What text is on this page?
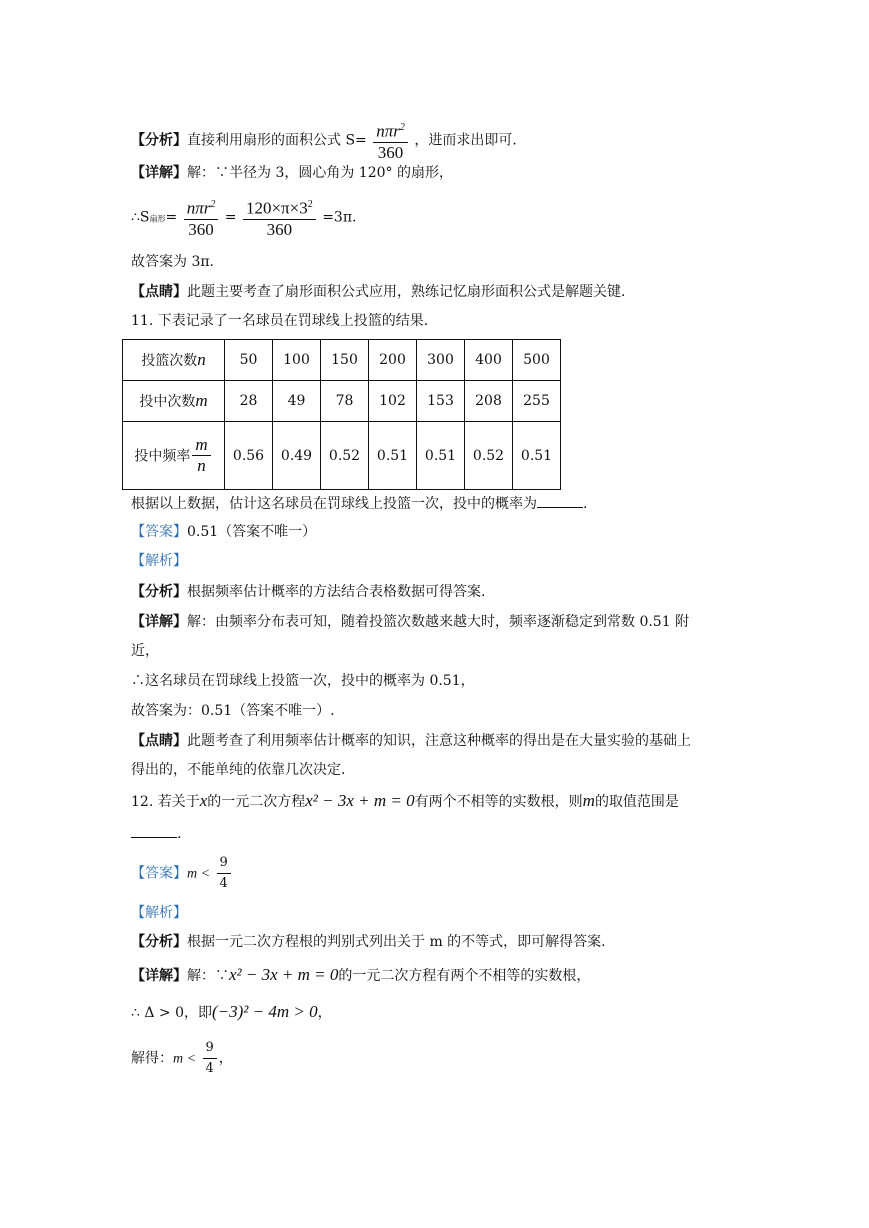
【分析】直接利用扇形的面积公式 $S= \frac{n\pi r^2}{360}$ ，进而求出即可.
【详解】解：∵半径为 3，圆心角为 120° 的扇形，
∴S扇形= $\frac{n\pi r^2}{360} = \frac{120\times\pi\times 3^2}{360} =3\pi$.
故答案为 3π.
【点睛】此题主要考查了扇形面积公式应用，熟练记忆扇形面积公式是解题关键.
11. 下表记录了一名球员在罚球线上投篮的结果.
投篮次数n	50	100	150	200	300	400	500
投中次数m	28	49	78	102	153	208	255
投中频率 $\frac{m}{n}$	0.56	0.49	0.52	0.51	0.51	0.52	0.51
根据以上数据，估计这名球员在罚球线上投篮一次，投中的概率为	.
【答案】0.51（答案不唯一）
【解析】
【分析】根据频率估计概率的方法结合表格数据可得答案.
【详解】解：由频率分布表可知，随着投篮次数越来越大时，频率逐渐稳定到常数 0.51 附
近，
∴这名球员在罚球线上投篮一次，投中的概率为 0.51，
故答案为：0.51（答案不唯一）.
【点睛】此题考查了利用频率估计概率的知识，注意这种概率的得出是在大量实验的基础上
得出的，不能单纯的依靠几次决定.
12. 若关于x的一元二次方程x² − 3x + m = 0有两个不相等的实数根，则m的取值范围是
.
【答案】$m < \frac{9}{4}$
【解析】
【分析】根据一元二次方程根的判别式列出关于 m 的不等式，即可解得答案.
【详解】解：∵x² − 3x + m = 0的一元二次方程有两个不相等的实数根，
∴ Δ > 0，即(−3)² − 4m > 0，
解得：$m < \frac{9}{4}$ ，
